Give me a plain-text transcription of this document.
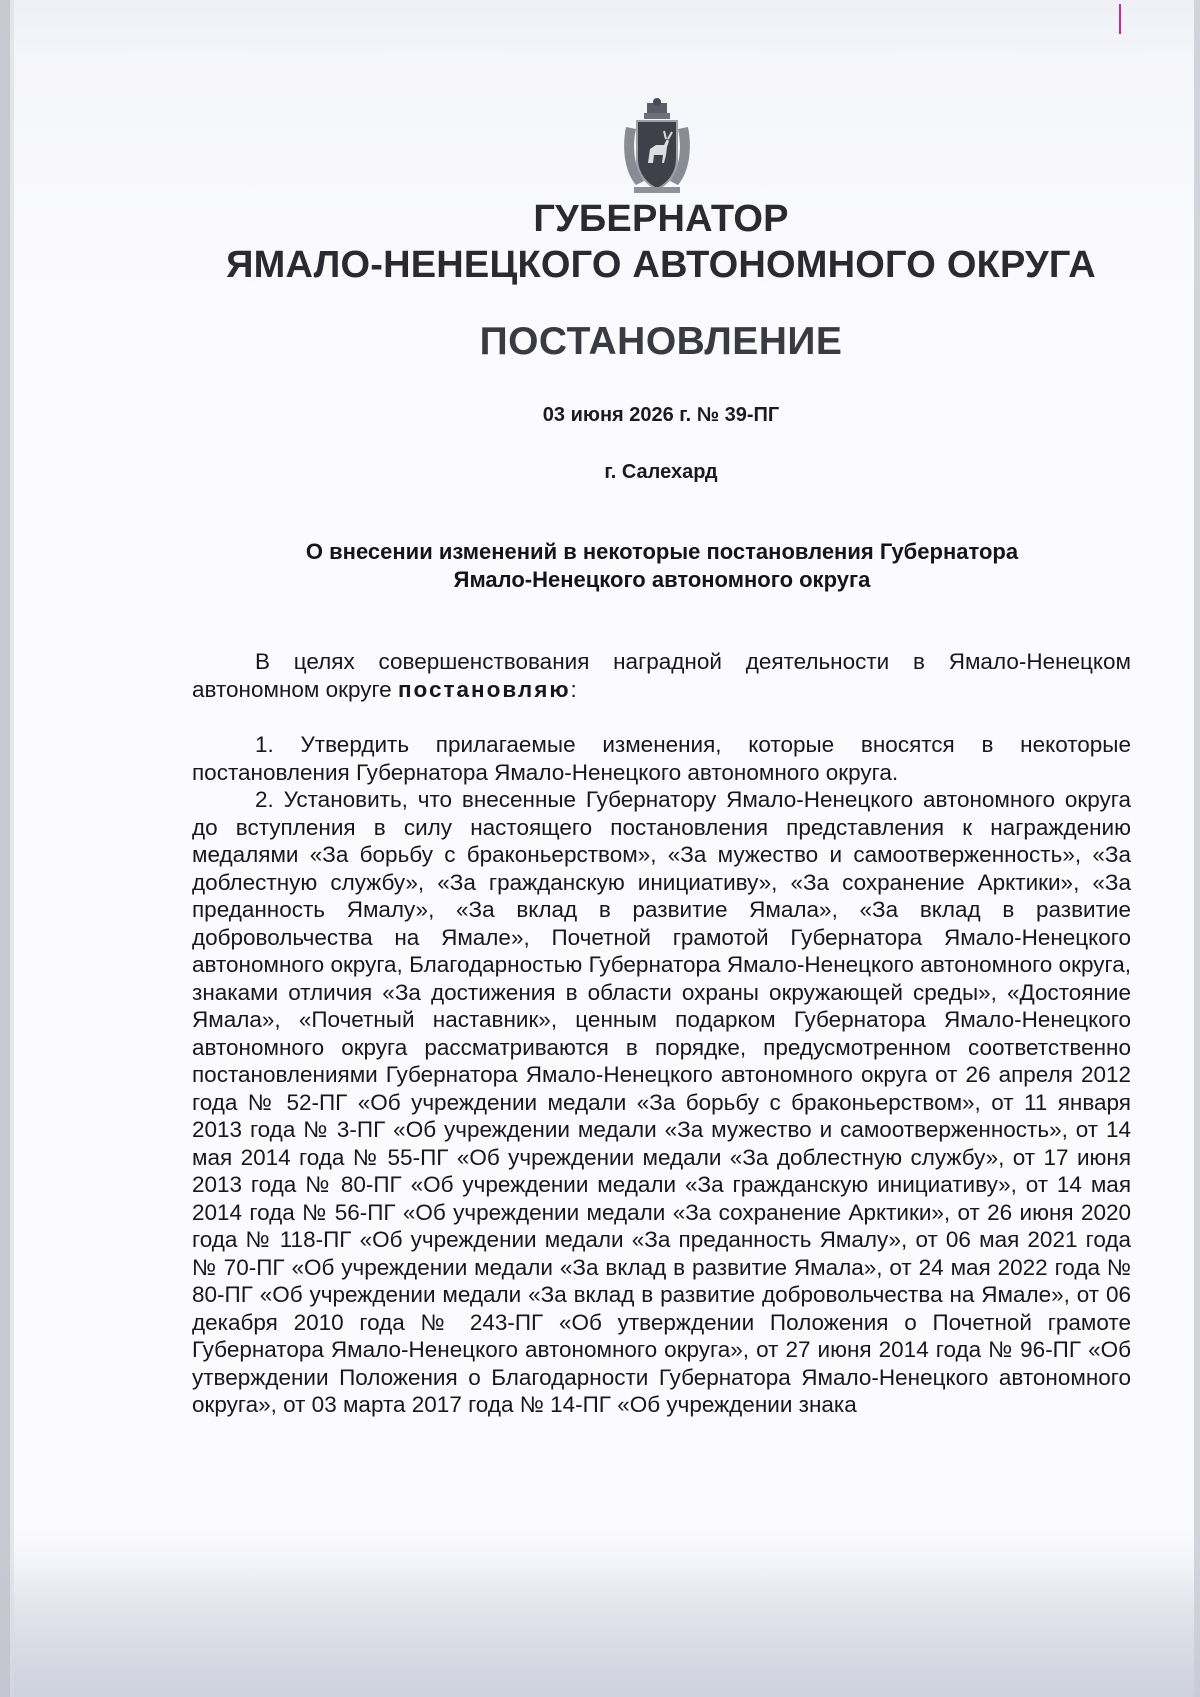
ГУБЕРНАТОР
ЯМАЛО-НЕНЕЦКОГО АВТОНОМНОГО ОКРУГА
ПОСТАНОВЛЕНИЕ
03 июня 2026 г. № 39-ПГ
г. Салехард
О внесении изменений в некоторые постановления Губернатора
Ямало-Ненецкого автономного округа

В целях совершенствования наградной деятельности в Ямало-Ненецком автономном округе постановляю:

1. Утвердить прилагаемые изменения, которые вносятся в некоторые постановления Губернатора Ямало-Ненецкого автономного округа.

2. Установить, что внесенные Губернатору Ямало-Ненецкого автономного округа до вступления в силу настоящего постановления представления к награждению медалями «За борьбу с браконьерством», «За мужество и самоотверженность», «За доблестную службу», «За гражданскую инициативу», «За сохранение Арктики», «За преданность Ямалу», «За вклад в развитие Ямала», «За вклад в развитие добровольчества на Ямале», Почетной грамотой Губернатора Ямало-Ненецкого автономного округа, Благодарностью Губернатора Ямало-Ненецкого автономного округа, знаками отличия «За достижения в области охраны окружающей среды», «Достояние Ямала», «Почетный наставник», ценным подарком Губернатора Ямало-Ненецкого автономного округа рассматриваются в порядке, предусмотренном соответственно постановлениями Губернатора Ямало-Ненецкого автономного округа от 26 апреля 2012 года № 52-ПГ «Об учреждении медали «За борьбу с браконьерством», от 11 января 2013 года № 3-ПГ «Об учреждении медали «За мужество и самоотверженность», от 14 мая 2014 года № 55-ПГ «Об учреждении медали «За доблестную службу», от 17 июня 2013 года № 80-ПГ «Об учреждении медали «За гражданскую инициативу», от 14 мая 2014 года № 56-ПГ «Об учреждении медали «За сохранение Арктики», от 26 июня 2020 года № 118-ПГ «Об учреждении медали «За преданность Ямалу», от 06 мая 2021 года № 70-ПГ «Об учреждении медали «За вклад в развитие Ямала», от 24 мая 2022 года № 80-ПГ «Об учреждении медали «За вклад в развитие добровольчества на Ямале», от 06 декабря 2010 года № 243-ПГ «Об утверждении Положения о Почетной грамоте Губернатора Ямало-Ненецкого автономного округа», от 27 июня 2014 года № 96-ПГ «Об утверждении Положения о Благодарности Губернатора Ямало-Ненецкого автономного округа», от 03 марта 2017 года № 14-ПГ «Об учреждении знака
